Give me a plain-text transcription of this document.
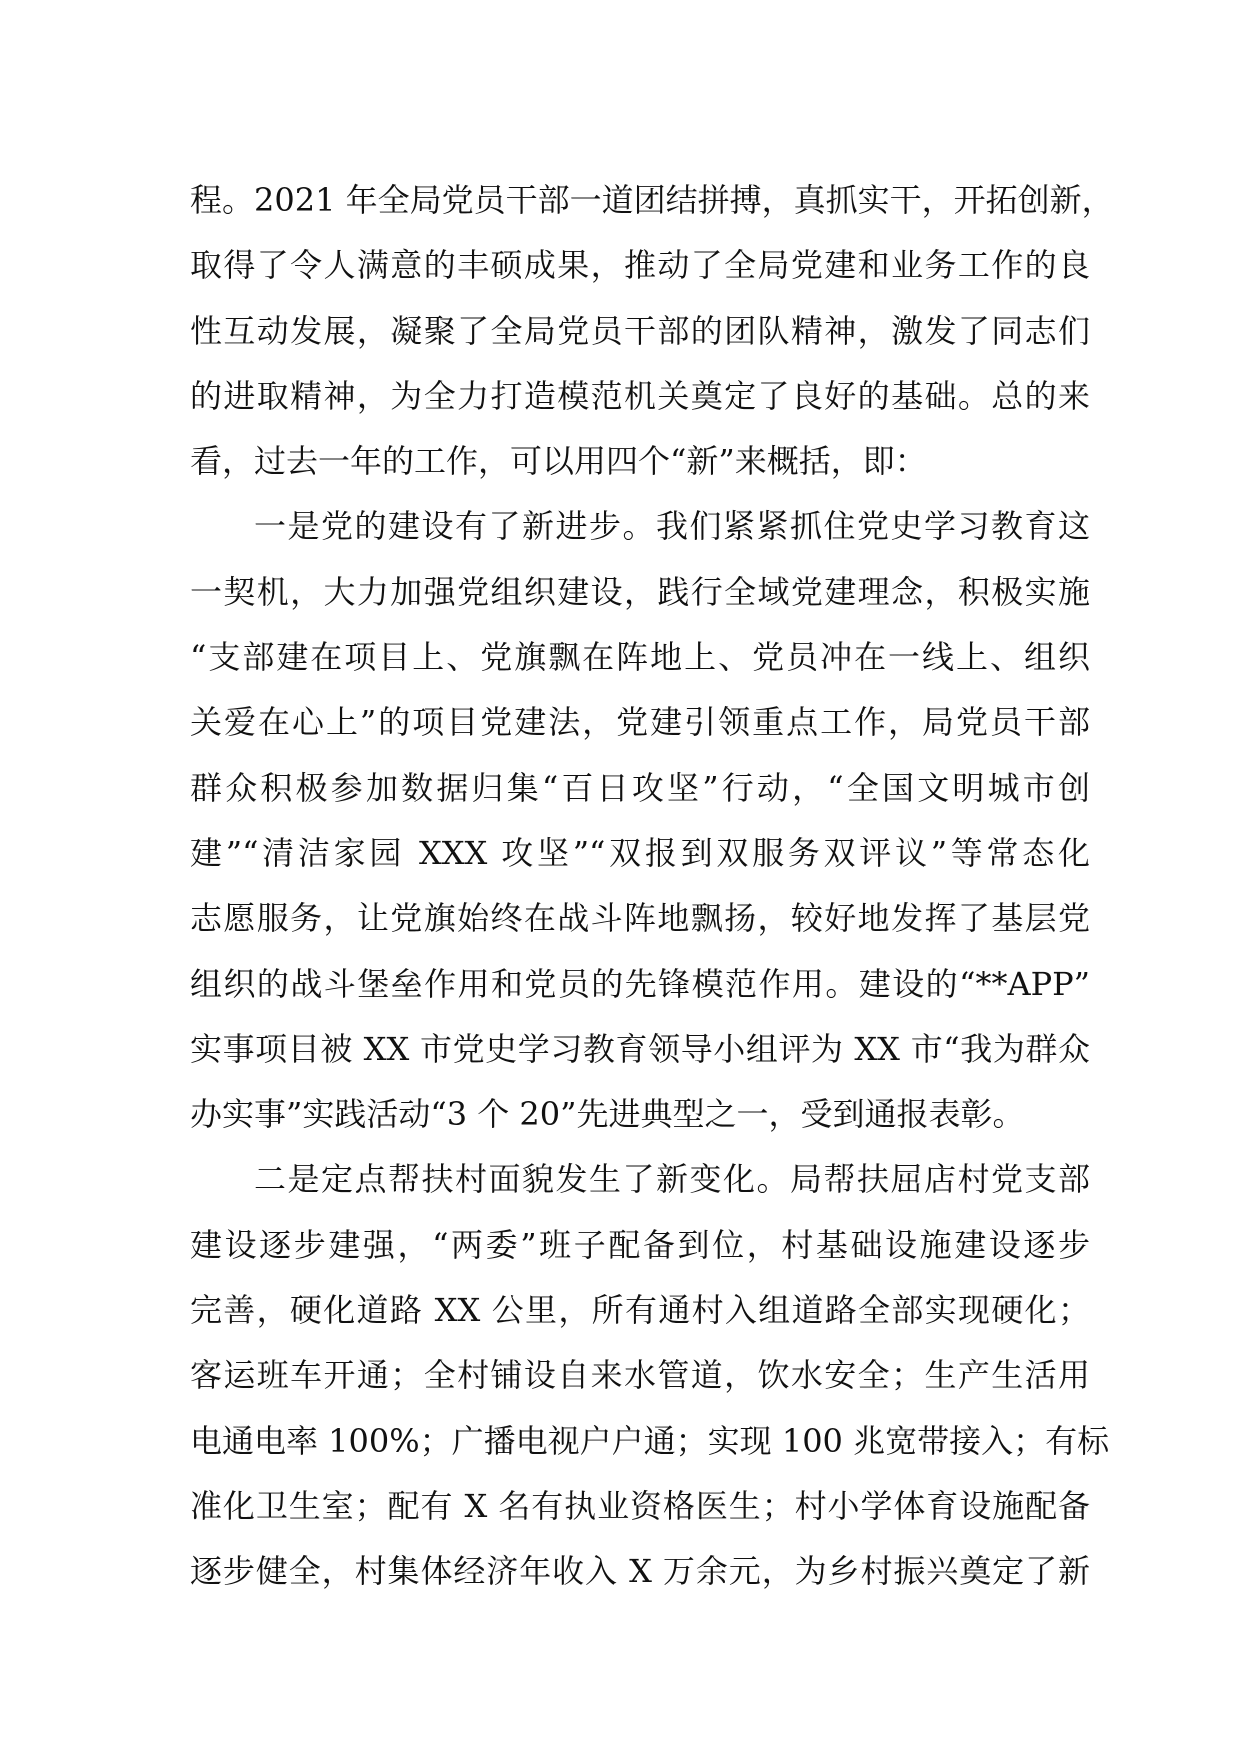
程。2021 年全局党员干部一道团结拼搏，真抓实干，开拓创新，
取得了令人满意的丰硕成果，推动了全局党建和业务工作的良
性互动发展，凝聚了全局党员干部的团队精神，激发了同志们
的进取精神，为全力打造模范机关奠定了良好的基础。总的来
看，过去一年的工作，可以用四个“新”来概括，即：
一是党的建设有了新进步。我们紧紧抓住党史学习教育这
一契机，大力加强党组织建设，践行全域党建理念，积极实施
“支部建在项目上、党旗飘在阵地上、党员冲在一线上、组织
关爱在心上”的项目党建法，党建引领重点工作，局党员干部
群众积极参加数据归集“百日攻坚”行动，“全国文明城市创
建”“清洁家园 XXX 攻坚”“双报到双服务双评议”等常态化
志愿服务，让党旗始终在战斗阵地飘扬，较好地发挥了基层党
组织的战斗堡垒作用和党员的先锋模范作用。建设的“**APP”
实事项目被 XX 市党史学习教育领导小组评为 XX 市“我为群众
办实事”实践活动“3 个 20”先进典型之一，受到通报表彰。
二是定点帮扶村面貌发生了新变化。局帮扶屈店村党支部
建设逐步建强，“两委”班子配备到位，村基础设施建设逐步
完善，硬化道路 XX 公里，所有通村入组道路全部实现硬化；
客运班车开通；全村铺设自来水管道，饮水安全；生产生活用
电通电率 100%；广播电视户户通；实现 100 兆宽带接入；有标
准化卫生室；配有 X 名有执业资格医生；村小学体育设施配备
逐步健全，村集体经济年收入 X 万余元，为乡村振兴奠定了新
